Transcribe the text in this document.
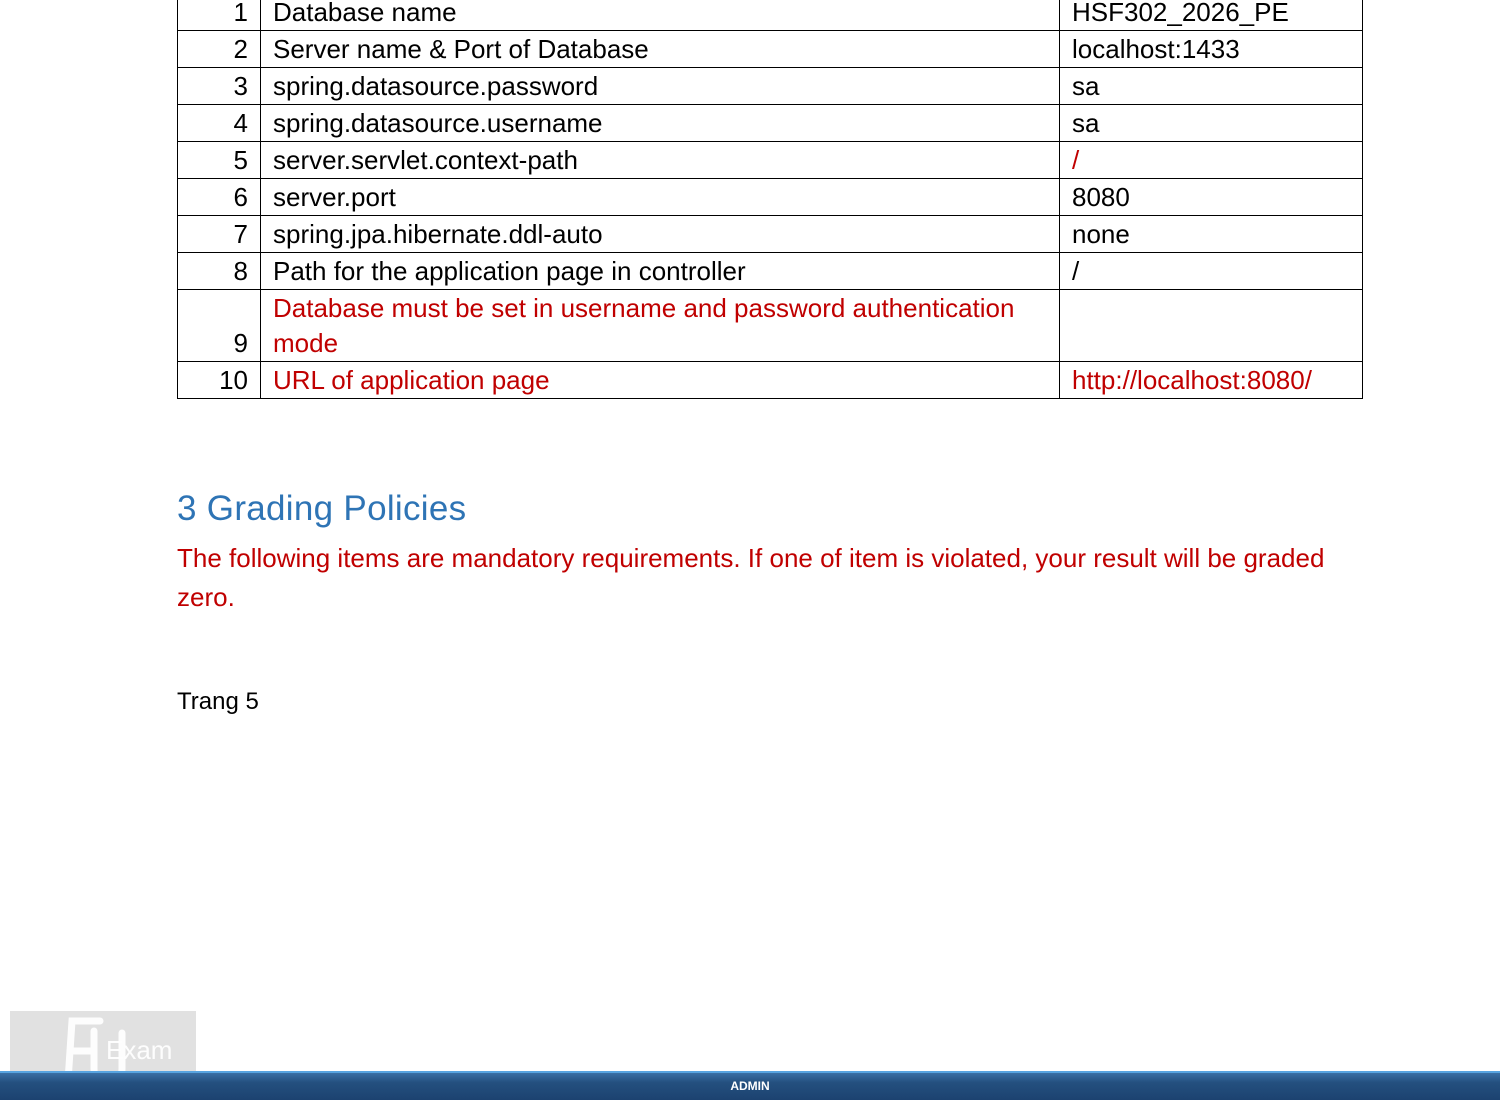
1	Database name	HSF302_2026_PE
2	Server name & Port of Database	localhost:1433
3	spring.datasource.password	sa
4	spring.datasource.username	sa
5	server.servlet.context-path	/
6	server.port	8080
7	spring.jpa.hibernate.ddl-auto	none
8	Path for the application page in controller	/
9	Database must be set in username and password authentication mode	
10	URL of application page	http://localhost:8080/
3 Grading Policies

The following items are mandatory requirements. If one of item is violated, your result will be graded zero.

Trang 5
Exam
ADMIN
